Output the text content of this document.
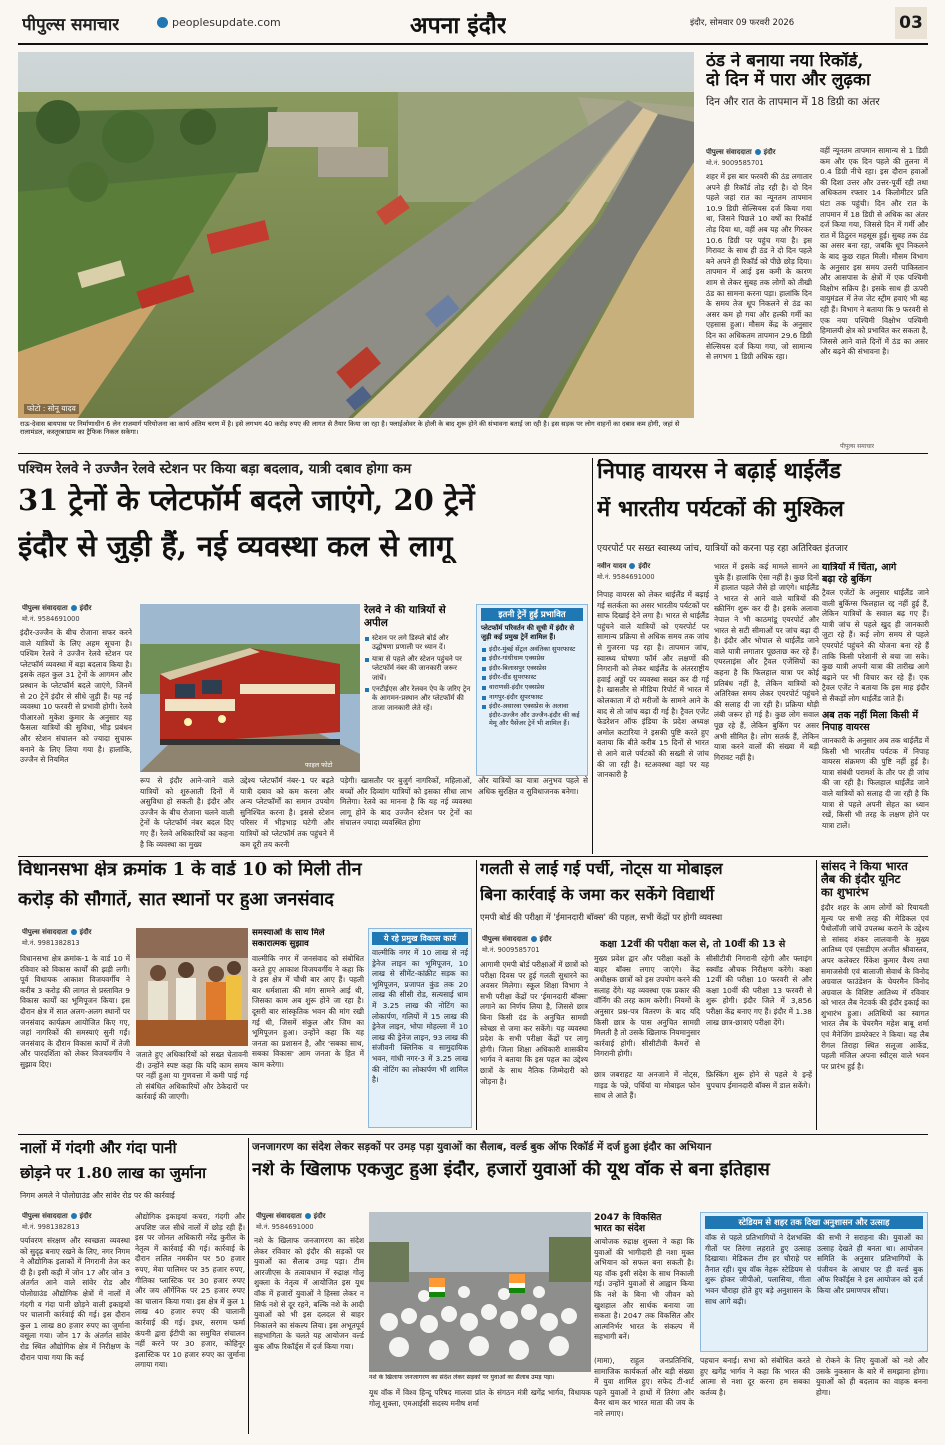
पीपुल्स समाचार	peoplesupdate.com	अपना इंदौर	इंदौर, सोमवार 09 फरवरी 2026	03
फोटो : सोनू यादव
राऊ-देवास बायपास पर निर्माणाधीन 6 लेन राजमार्ग परियोजना का कार्य अंतिम चरण में है। इसे लगभग 40 करोड़ रुपए की लागत से तैयार किया जा रहा है। फ्लाईओवर के होली के बाद शुरू होने की संभावना बताई जा रही है। इस सड़क पर लोग वाहनों का दबाव कम होगी, जहां से रालामंडल, कस्तूरबाग्राम का ट्रैफिक निकल सकेगा।
ठंड ने बनाया नया रिकॉर्ड,
दो दिन में पारा और लुढ़का
दिन और रात के तापमान में 18 डिग्री का अंतर
पीपुल्स संवाददाता इंदौर
मो.नं. 9009585701
शहर में इस बार फरवरी की ठंड लगातार अपने ही रिकॉर्ड तोड़ रही है। दो दिन पहले जहां रात का न्यूनतम तापमान 10.9 डिग्री सेल्सियस दर्ज किया गया था, जिसने पिछले 10 वर्षों का रिकॉर्ड तोड़ दिया था, वहीं अब यह और गिरकर 10.6 डिग्री पर पहुंच गया है। इस गिरावट के साथ ही ठंड ने दो दिन पहले बने अपने ही रिकॉर्ड को पीछे छोड़ दिया। तापमान में आई इस कमी के कारण शाम से लेकर सुबह तक लोगों को तीखी ठंड का सामना करना पड़ा। हालांकि दिन के समय तेज धूप निकलने से ठंड का असर कम हो गया और हल्की गर्मी का एहसास हुआ। मौसम केंद्र के अनुसार दिन का अधिकतम तापमान 29.6 डिग्री सेल्सियस दर्ज किया गया, जो सामान्य से लगभग 1 डिग्री अधिक रहा।
वहीं न्यूनतम तापमान सामान्य से 1 डिग्री कम और एक दिन पहले की तुलना में 0.4 डिग्री नीचे रहा। इस दौरान हवाओं की दिशा उत्तर और उत्तर-पूर्वी रही तथा अधिकतम रफ्तार 14 किलोमीटर प्रति घंटा तक पहुंची। दिन और रात के तापमान में 18 डिग्री से अधिक का अंतर दर्ज किया गया, जिससे दिन में गर्मी और रात में ठिठुरन महसूस हुई। सुबह तक ठंड का असर बना रहा, जबकि धूप निकलने के बाद कुछ राहत मिली। मौसम विभाग के अनुसार इस समय उत्तरी पाकिस्तान और आसपास के क्षेत्रों में एक पश्चिमी विक्षोभ सक्रिय है। इसके साथ ही ऊपरी वायुमंडल में तेज जेट स्ट्रीम हवाएं भी बह रही हैं। विभाग ने बताया कि 9 फरवरी से एक नया पश्चिमी विक्षोभ पश्चिमी हिमालयी क्षेत्र को प्रभावित कर सकता है, जिससे आने वाले दिनों में ठंड का असर और बढ़ने की संभावना है।
पीपुल्स समाचार
पश्चिम रेलवे ने उज्जैन रेलवे स्टेशन पर किया बड़ा बदलाव, यात्री दबाव होगा कम
31 ट्रेनों के प्लेटफॉर्म बदले जाएंगे, 20 ट्रेनें
इंदौर से जुड़ी हैं, नई व्यवस्था कल से लागू
पीपुल्स संवाददाता इंदौर
मो.नं. 9584691000
इंदौर-उज्जैन के बीच रोजाना सफर करने वाले यात्रियों के लिए अहम सूचना है। पश्चिम रेलवे ने उज्जैन रेलवे स्टेशन पर प्लेटफॉर्म व्यवस्था में बड़ा बदलाव किया है। इसके तहत कुल 31 ट्रेनों के आगमन और प्रस्थान के प्लेटफॉर्म बदले जाएंगे, जिनमें से 20 ट्रेनें इंदौर से सीधे जुड़ी हैं। यह नई व्यवस्था 10 फरवरी से प्रभावी होगी। रेलवे पीआरओ मुकेश कुमार के अनुसार यह फैसला यात्रियों की सुविधा, भीड़ प्रबंधन और स्टेशन संचालन को ज्यादा सुचारू बनाने के लिए लिया गया है। हालांकि, उज्जैन से नियमित
फाइल फोटो
रेलवे ने की यात्रियों से अपील
स्टेशन पर लगे डिस्प्ले बोर्ड और उद्घोषणा प्रणाली पर ध्यान दें।
यात्रा से पहले और स्टेशन पहुंचने पर प्लेटफॉर्म नंबर की जानकारी जरूर जांचें।
एनटीईएस और रेलवन ऐप के जरिए ट्रेन के आगमन-प्रस्थान और प्लेटफॉर्म की ताजा जानकारी लेते रहें।
इतनी ट्रेनें हुईं प्रभावित
प्लेटफॉर्म परिवर्तन की सूची में इंदौर से जुड़ी कई प्रमुख ट्रेनें शामिल हैं।
इंदौर-मुंबई सेंट्रल अवंतिका सुपरफास्ट
इंदौर-गांधीधाम एक्सप्रेस
इंदौर-बिलासपुर एक्सप्रेस
इंदौर-दौंड सुपरफास्ट
वाराणसी-इंदौर एक्सप्रेस
नागपुर-इंदौर सुपरफास्ट
इंदौर-असारवा एक्सप्रेस के अलावा इंदौर-उज्जैन और उज्जैन-इंदौर की कई मेमू और पैसेंजर ट्रेनें भी शामिल हैं।
रूप से इंदौर आने-जाने वाले यात्रियों को शुरुआती दिनों में असुविधा हो सकती है। इंदौर और उज्जैन के बीच रोजाना चलने वाली ट्रेनों के प्लेटफॉर्म नंबर बदल दिए गए हैं। रेलवे अधिकारियों का कहना है कि व्यवस्था का मुख्य
उद्देश्य प्लेटफॉर्म नंबर-1 पर बढ़ते यात्री दबाव को कम करना और अन्य प्लेटफॉर्मों का समान उपयोग सुनिश्चित करना है। इससे स्टेशन परिसर में भीड़भाड़ घटेगी और यात्रियों को प्लेटफॉर्म तक पहुंचने में कम दूरी तय करनी
पड़ेगी। खासतौर पर बुजुर्ग नागरिकों, महिलाओं, बच्चों और दिव्यांग यात्रियों को इसका सीधा लाभ मिलेगा। रेलवे का मानना है कि यह नई व्यवस्था लागू होने के बाद उज्जैन स्टेशन पर ट्रेनों का संचालन ज्यादा व्यवस्थित होगा
और यात्रियों का यात्रा अनुभव पहले से अधिक सुरक्षित व सुविधाजनक बनेगा।
निपाह वायरस ने बढ़ाई थाईलैंड
में भारतीय पर्यटकों की मुश्किल
एयरपोर्ट पर सख्त स्वास्थ्य जांच, यात्रियों को करना पड़ रहा अतिरिक्त इंतजार
नवीन यादव इंदौर
मो.नं. 9584691000
निपाह वायरस को लेकर थाईलैंड में बढ़ाई गई सतर्कता का असर भारतीय पर्यटकों पर साफ दिखाई देने लगा है। भारत से थाईलैंड पहुंचने वाले यात्रियों को एयरपोर्ट पर सामान्य प्रक्रिया से अधिक समय तक जांच से गुजरना पड़ रहा है। तापमान जांच, स्वास्थ्य घोषणा फॉर्म और लक्षणों की निगरानी को लेकर थाईलैंड के अंतरराष्ट्रीय हवाई अड्डों पर व्यवस्था सख्त कर दी गई है। खासतौर से मीडिया रिपोर्ट में भारत में कोलकाता में दो मरीजों के सामने आने के बाद से तो जांच बढ़ा दी गई है। ट्रैवल एजेंट फेडरेशन ऑफ इंडिया के प्रदेश अध्यक्ष अमोल कटारिया ने इसकी पुष्टि करते हुए बताया कि बीते करीब 15 दिनों से भारत से आने वाले पर्यटकों की सख्ती से जांच की जा रही है। स्टअवस्था वहां पर यह जानकारी है
भारत में इसके कई मामले सामने आ चुके हैं। हालांकि ऐसा नहीं है। कुछ दिनों में हालात पहले जैसे हो जाएंगे। थाईलैंड ने भारत से आने वाले यात्रियों की स्क्रीनिंग शुरू कर दी है। इसके अलावा नेपाल ने भी काठमांडू एयरपोर्ट और भारत से सटी सीमाओं पर जांच बढ़ा दी है। इंदौर और भोपाल से थाईलैंड जाने वाले यात्री लगातार पूछताछ कर रहे हैं। एयरलाइंस और ट्रैवल एजेंसियों का कहना है कि फिलहाल यात्रा पर कोई प्रतिबंध नहीं है, लेकिन यात्रियों को अतिरिक्त समय लेकर एयरपोर्ट पहुंचने की सलाह दी जा रही है। प्रक्रिया थोड़ी लंबी जरूर हो गई है। कुछ लोग सवाल पूछ रहे हैं, लेकिन बुकिंग पर असर अभी सीमित है। लोग सतर्क हैं, लेकिन यात्रा करने वालों की संख्या में बड़ी गिरावट नहीं है।
यात्रियों में चिंता, आगे
बढ़ा रहे बुकिंग
ट्रैवल एजेंटों के अनुसार थाईलैंड जाने वाली बुकिंग्स फिलहाल रद्द नहीं हुई हैं, लेकिन यात्रियों के सवाल बढ़ गए हैं। यात्री जांच से पहले खुद ही जानकारी जुटा रहे हैं। कई लोग समय से पहले एयरपोर्ट पहुंचने की योजना बना रहे हैं ताकि किसी परेशानी से बचा जा सके। कुछ यात्री अपनी यात्रा की तारीख आगे बढ़ाने पर भी विचार कर रहे हैं। एक ट्रैवल एजेंट ने बताया कि इस माह इंदौर से सैकड़ों लोग थाईलैंड जाते हैं।
अब तक नहीं मिला किसी में
निपाह वायरस
जानकारी के अनुसार अब तक थाईलैंड में किसी भी भारतीय पर्यटक में निपाह वायरस संक्रमण की पुष्टि नहीं हुई है। यात्रा संबंधी परामर्श के तौर पर ही जांच की जा रही है। फिलहाल थाईलैंड जाने वाले यात्रियों को सलाह दी जा रही है कि यात्रा से पहले अपनी सेहत का ध्यान रखें, किसी भी तरह के लक्षण होने पर यात्रा टालें।
विधानसभा क्षेत्र क्रमांक 1 के वार्ड 10 को मिली तीन
करोड़ की सौगातें, सात स्थानों पर हुआ जनसंवाद
पीपुल्स संवाददाता इंदौर
मो.नं. 9981382813
विधानसभा क्षेत्र क्रमांक-1 के वार्ड 10 में रविवार को विकास कार्यों की झड़ी लगी। पूर्व विधायक आकाश विजयवर्गीय ने करीब 3 करोड़ की लागत से प्रस्तावित 9 विकास कार्यों का भूमिपूजन किया। इस दौरान क्षेत्र में सात अलग-अलग स्थानों पर जनसंवाद कार्यक्रम आयोजित किए गए, जहां नागरिकों की समस्याएं सुनी गईं। जनसंवाद के दौरान विकास कार्यों में तेजी और पारदर्शिता को लेकर विजयवर्गीय ने सुझाव दिए।
जताते हुए अधिकारियों को सख्त चेतावनी दी। उन्होंने स्पष्ट कहा कि यदि काम समय पर नहीं हुआ या गुणवत्ता में कमी पाई गई तो संबंधित अधिकारियों और ठेकेदारों पर कार्रवाई की जाएगी।
समस्याओं के साथ मिले
सकारात्मक सुझाव
वाल्मीकि नगर में जनसंवाद को संबोधित करते हुए आकाश विजयवर्गीय ने कहा कि वे इस क्षेत्र में चौथी बार आए हैं। पहली बार धर्मशाला की मांग सामने आई थी, जिसका काम अब शुरू होने जा रहा है। दूसरी बार सांस्कृतिक भवन की मांग रखी गई थी, जिसमें संकुल और जिम का भूमिपूजन हुआ। उन्होंने कहा कि यह जनता का प्रशासन है, और 'सबका साथ, सबका विकास' आम जनता के हित में काम करेगा।
ये रहे प्रमुख विकास कार्य
वाल्मीकि नगर में 10 लाख से नई ड्रेनेज लाइन का भूमिपूजन, 10 लाख से सीमेंट-कांक्रीट सड़क का भूमिपूजन, प्रजापत कुंड तक 20 लाख की सीसी रोड, सत्यसाई धाम में 3.25 लाख की नोटिंग का लोकार्पण, गलियों में 15 लाख की ड्रेनेज लाइन, भोपा मोहल्ला में 10 लाख की ड्रेनेज लाइन, 93 लाख की संजीवनी क्लिनिक व सामुदायिक भवन, गांधी नगर-3 में 3.25 लाख की नोटिंग का लोकार्पण भी शामिल है।
गलती से लाई गई पर्ची, नोट्स या मोबाइल
बिना कार्रवाई के जमा कर सकेंगे विद्यार्थी
एमपी बोर्ड की परीक्षा में 'ईमानदारी बॉक्स' की पहल, सभी केंद्रों पर होगी व्यवस्था
पीपुल्स संवाददाता इंदौर
मो.नं. 9009585701	कक्षा 12वीं की परीक्षा कल से, तो 10वीं की 13 से
आगामी एमपी बोर्ड परीक्षाओं में छात्रों को परीक्षा दिवस पर हुई गलती सुधारने का अवसर मिलेगा। स्कूल शिक्षा विभाग ने सभी परीक्षा केंद्रों पर 'ईमानदारी बॉक्स' लगाने का निर्णय लिया है, जिससे छात्र बिना किसी दंड के अनुचित सामग्री स्वेच्छा से जमा कर सकेंगे। यह व्यवस्था प्रदेश के सभी परीक्षा केंद्रों पर लागू होगी। जिला शिक्षा अधिकारी शासकीय भार्गव ने बताया कि इस पहल का उद्देश्य छात्रों के साथ नैतिक जिम्मेदारी को जोड़ना है।
मुख्य प्रवेश द्वार और परीक्षा कक्षों के बाहर बॉक्स लगाए जाएंगे। केंद्र अधीक्षक छात्रों को इस उपयोग करने की सलाह देंगे। यह व्यवस्था एक प्रकार की वॉर्निंग की तरह काम करेगी। नियमों के अनुसार प्रश्न-पत्र वितरण के बाद यदि किसी छात्र के पास अनुचित सामग्री मिलती है तो उसके खिलाफ नियमानुसार कार्रवाई होगी। सीसीटीवी कैमरों से निगरानी होगी।
सीसीटीवी निगरानी रहेगी और फ्लाइंग स्क्वॉड औचक निरीक्षण करेंगे। कक्षा 12वीं की परीक्षा 10 फरवरी से और कक्षा 10वीं की परीक्षा 13 फरवरी से शुरू होगी। इंदौर जिले में 3,856 परीक्षा केंद्र बनाए गए हैं। इंदौर में 1.38 लाख छात्र-छात्राएं परीक्षा देंगे।
छात्र जबराहट या अनजाने में नोट्स, गाइड के पन्ने, पर्चियां या मोबाइल फोन साथ ले आते हैं।
फ्रिस्किंग शुरू होने से पहले ये इन्हें चुपचाप ईमानदारी बॉक्स में डाल सकेंगे।
सांसद ने किया भारत
लैब की इंदौर यूनिट
का शुभारंभ
इंदौर शहर के आम लोगों को रियायती मूल्य पर सभी तरह की मेडिकल एवं पैथोलॉजी जांचें उपलब्ध कराने के उद्देश्य से सांसद शंकर लालवानी के मुख्य आतिथ्य एवं एसडीएम अजीत श्रीवास्तव, अपर कलेक्टर रिंकेश कुमार वैश्य तथा समाजसेवी एवं बालाजी सेवार्थ के विनोद अग्रवाल फाउंडेशन के चेयरमैन विनोद अग्रवाल के विशिष्ट आतिथ्य में रविवार को भारत लैब नेटवर्क की इंदौर इकाई का शुभारंभ हुआ। अतिथियों का स्वागत भारत लैब के चेयरमैन महेश बाबू शर्मा एवं मैनेजिंग डायरेक्टर ने किया। यह लैब रीगल तिराहा स्थित सलूजा आर्केड, पहली मंजिल अपना स्वीट्स वाले भवन पर प्रारंभ हुई है।
नालों में गंदगी और गंदा पानी
छोड़ने पर 1.80 लाख का जुर्माना
निगम अमले ने पोलोग्राउंड और सांवेर रोड पर की कार्रवाई
पीपुल्स संवाददाता इंदौर
मो.नं. 9981382813
पर्यावरण संरक्षण और स्वच्छता व्यवस्था को सुदृढ़ बनाए रखने के लिए, नगर निगम ने औद्योगिक इलाकों में निगरानी तेज कर दी है। इसी कड़ी में जोन 17 और जोन 3 अंतर्गत आने वाले सांवेर रोड और पोलोग्राउंड औद्योगिक क्षेत्रों में नालों में गंदगी व गंदा पानी छोड़ने वाली इकाइयों पर चालानी कार्रवाई की गई। इस दौरान कुल 1 लाख 80 हजार रुपए का जुर्माना वसूला गया। जोन 17 के अंतर्गत सांवेर रोड स्थित औद्योगिक क्षेत्र में निरीक्षण के दौरान पाया गया कि कई
औद्योगिक इकाइयां कचरा, गंदगी और अपशिष्ट जल सीधे नालों में छोड़ रही हैं। इस पर जोनल अधिकारी नरेंद्र कुरील के नेतृत्व में कार्रवाई की गई। कार्रवाई के दौरान ललित नमकीन पर 50 हजार रुपए, मेवा पालिमर पर 35 हजार रुपए, गीतिका प्लास्टिक पर 30 हजार रुपए और जय ऑर्गेनिक पर 25 हजार रुपए का चालान किया गया। इस क्षेत्र में कुल 1 लाख 40 हजार रुपए की चालानी कार्रवाई की गई। इधर, सरगम फर्मा कंपनी द्वारा ईटीपी का समुचित संचालन नहीं करने पर 30 हजार, कोहिनूर इलास्टिक पर 10 हजार रुपए का जुर्माना लगाया गया।
जनजागरण का संदेश लेकर सड़कों पर उमड़ पड़ा युवाओं का सैलाब, वर्ल्ड बुक ऑफ रिकॉर्ड में दर्ज हुआ इंदौर का अभियान
नशे के खिलाफ एकजुट हुआ इंदौर, हजारों युवाओं की यूथ वॉक से बना इतिहास
पीपुल्स संवाददाता इंदौर
मो.नं. 9584691000
नशे के खिलाफ जनजागरण का संदेश लेकर रविवार को इंदौर की सड़कों पर युवाओं का सैलाब उमड़ पड़ा। टीम आरजीएस के तत्वावधान में रुद्राक्ष गोलू शुक्ला के नेतृत्व में आयोजित इस यूथ वॉक में हजारों युवाओं ने हिस्सा लेकर न सिर्फ नशे से दूर रहने, बल्कि नशे के आदी युवाओं को भी इस दलदल से बाहर निकालने का संकल्प लिया। इस अभूतपूर्व सहभागिता के चलते यह आयोजन वर्ल्ड बुक ऑफ रिकॉर्ड्स में दर्ज किया गया।
नशे के खिलाफ जनजागरण का संदेश लेकर सड़कों पर युवाओं का सैलाब उमड़ पड़ा।
यूथ वॉक में विश्व हिन्दू परिषद मालवा प्रांत के संगठन मंत्री खगेंद्र भार्गव, विधायक गोलू शुक्ला, एमआईसी सदस्य मनीष शर्मा
2047 के विकसित
भारत का संदेश
आयोजक रुद्राक्ष शुक्ला ने कहा कि युवाओं की भागीदारी ही नशा मुक्त अभियान को सफल बना सकती है। यह वॉक इसी संदेश के साथ निकाली गई। उन्होंने युवाओं से आह्वान किया कि नशे के बिना भी जीवन को खुशहाल और सार्थक बनाया जा सकता है। 2047 तक विकसित और आत्मनिर्भर भारत के संकल्प में सहभागी बनें।
(मामा), राहुल जनप्रतिनिधि, सामाजिक कार्यकर्ता और बड़ी संख्या में युवा शामिल हुए। सफेद टी-शर्ट पहने युवाओं ने हाथों में तिरंगा और बैनर थाम कर भारत माता की जय के नारे लगाए।
स्टेडियम से शहर तक दिखा अनुशासन और उत्साह
वॉक से पहले प्रतिभागियों ने देशभक्ति गीतों पर तिरंगा लहराते हुए उत्साह दिखाया। मेडिकल टीम हर चौराहे पर तैनात रही। यूथ वॉक नेहरू स्टेडियम से शुरू होकर जीपीओ, पलासिया, गीता भवन चौराहा होते हुए बड़े अनुशासन के साथ आगे बढ़ी।
की सभी ने सराहना की। युवाओं का उत्साह देखते ही बनता था। आयोजन समिति के अनुसार प्रतिभागियों के पंजीयन के आधार पर ही वर्ल्ड बुक ऑफ रिकॉर्ड्स ने इस आयोजन को दर्ज किया और प्रमाणपत्र सौंपा।
पहचान बनाई। सभा को संबोधित करते हुए खगेंद्र भार्गव ने कहा कि भारत की आत्मा से नशा दूर करना हम सबका कर्तव्य है।
से रोकने के लिए युवाओं को नशे और उसके नुकसान के बारे में समझाना होगा। युवाओं को ही बदलाव का वाहक बनना होगा।
